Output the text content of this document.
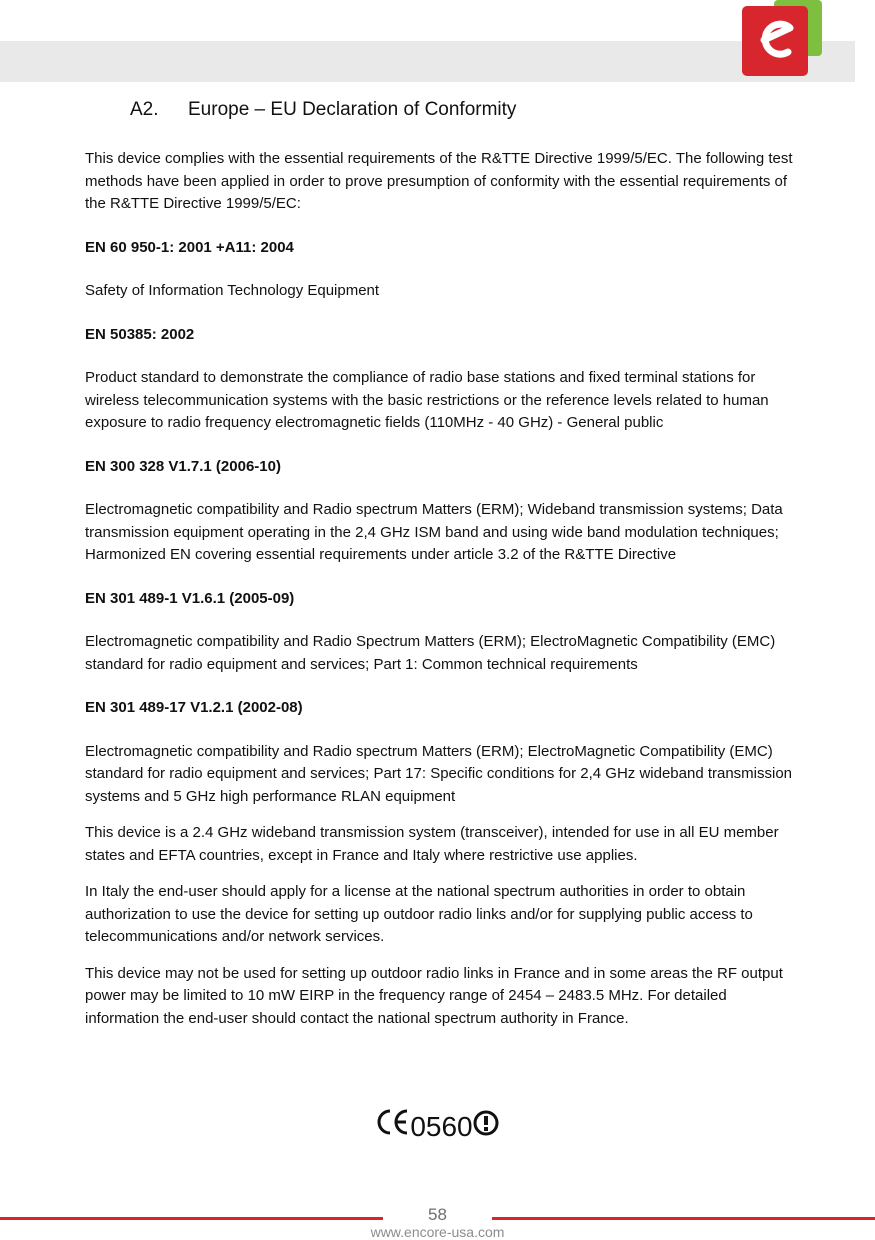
A2. Europe – EU Declaration of Conformity

This device complies with the essential requirements of the R&TTE Directive 1999/5/EC. The following test methods have been applied in order to prove presumption of conformity with the essential requirements of the R&TTE Directive 1999/5/EC:

EN 60 950-1: 2001 +A11: 2004

Safety of Information Technology Equipment

EN 50385: 2002

Product standard to demonstrate the compliance of radio base stations and fixed terminal stations for wireless telecommunication systems with the basic restrictions or the reference levels related to human exposure to radio frequency electromagnetic fields (110MHz - 40 GHz) - General public

EN 300 328 V1.7.1 (2006-10)

Electromagnetic compatibility and Radio spectrum Matters (ERM); Wideband transmission systems; Data transmission equipment operating in the 2,4 GHz ISM band and using wide band modulation techniques; Harmonized EN covering essential requirements under article 3.2 of the R&TTE Directive

EN 301 489-1 V1.6.1 (2005-09)

Electromagnetic compatibility and Radio Spectrum Matters (ERM); ElectroMagnetic Compatibility (EMC) standard for radio equipment and services; Part 1: Common technical requirements

EN 301 489-17 V1.2.1 (2002-08)

Electromagnetic compatibility and Radio spectrum Matters (ERM); ElectroMagnetic Compatibility (EMC) standard for radio equipment and services; Part 17: Specific conditions for 2,4 GHz wideband transmission systems and 5 GHz high performance RLAN equipment

This device is a 2.4 GHz wideband transmission system (transceiver), intended for use in all EU member states and EFTA countries, except in France and Italy where restrictive use applies.

In Italy the end-user should apply for a license at the national spectrum authorities in order to obtain authorization to use the device for setting up outdoor radio links and/or for supplying public access to telecommunications and/or network services.

This device may not be used for setting up outdoor radio links in France and in some areas the RF output power may be limited to 10 mW EIRP in the frequency range of 2454 – 2483.5 MHz. For detailed information the end-user should contact the national spectrum authority in France.

0560
58
www.encore-usa.com
